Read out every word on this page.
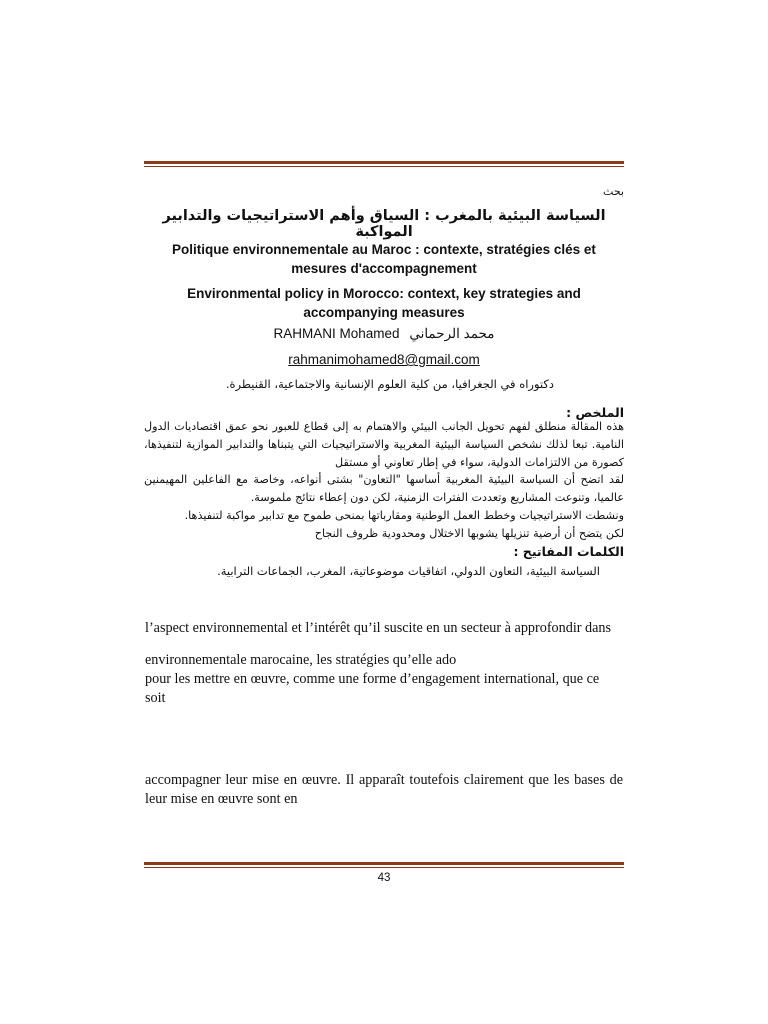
بحث
السياسة البيئية بالمغرب : السياق وأهم الاستراتيجيات والتدابير المواكبة
Politique environnementale au Maroc : contexte, stratégies clés et mesures d'accompagnement
Environmental policy in Morocco: context, key strategies and accompanying measures
RAHMANI Mohamed محمد الرحماني
rahmanimohamed8@gmail.com
دكتوراه في الجغرافيا، من كلية العلوم الإنسانية والاجتماعية، القنيطرة.
الملخص :

هذه المقالة منطلق لفهم تحويل الجانب البيئي والاهتمام به إلى قطاع للعبور نحو عمق اقتصاديات الدول النامية. تبعا لذلك نشخص السياسة البيئية المغربية والاستراتيجيات التي يتبناها والتدابير الموازية لتنفيذها، كصورة من الالتزامات الدولية، سواء في إطار تعاوني أو مستقل

لقد اتضح أن السياسة البيئية المغربية أساسها "التعاون" بشتى أنواعه، وخاصة مع الفاعلين المهيمنين عالميا، وتنوعت المشاريع وتعددت الفترات الزمنية، لكن دون إعطاء نتائج ملموسة.

ونشطت الاستراتيجيات وخطط العمل الوطنية ومقارباتها بمنحى طموح مع تدابير مواكبة لتنفيذها.

لكن يتضح أن أرضية تنزيلها يشوبها الاختلال ومحدودية ظروف النجاح

الكلمات المفاتيح :
السياسة البيئية، التعاون الدولي، اتفاقيات موضوعاتية، المغرب، الجماعات الترابية.

l’aspect environnemental et l’intérêt qu’il suscite en un secteur à approfondir dans

environnementale marocaine, les stratégies qu’elle ado

pour les mettre en œuvre, comme une forme d’engagement international, que ce soit

accompagner leur mise en œuvre. Il apparaît toutefois clairement que les bases de leur mise en œuvre sont en

43
